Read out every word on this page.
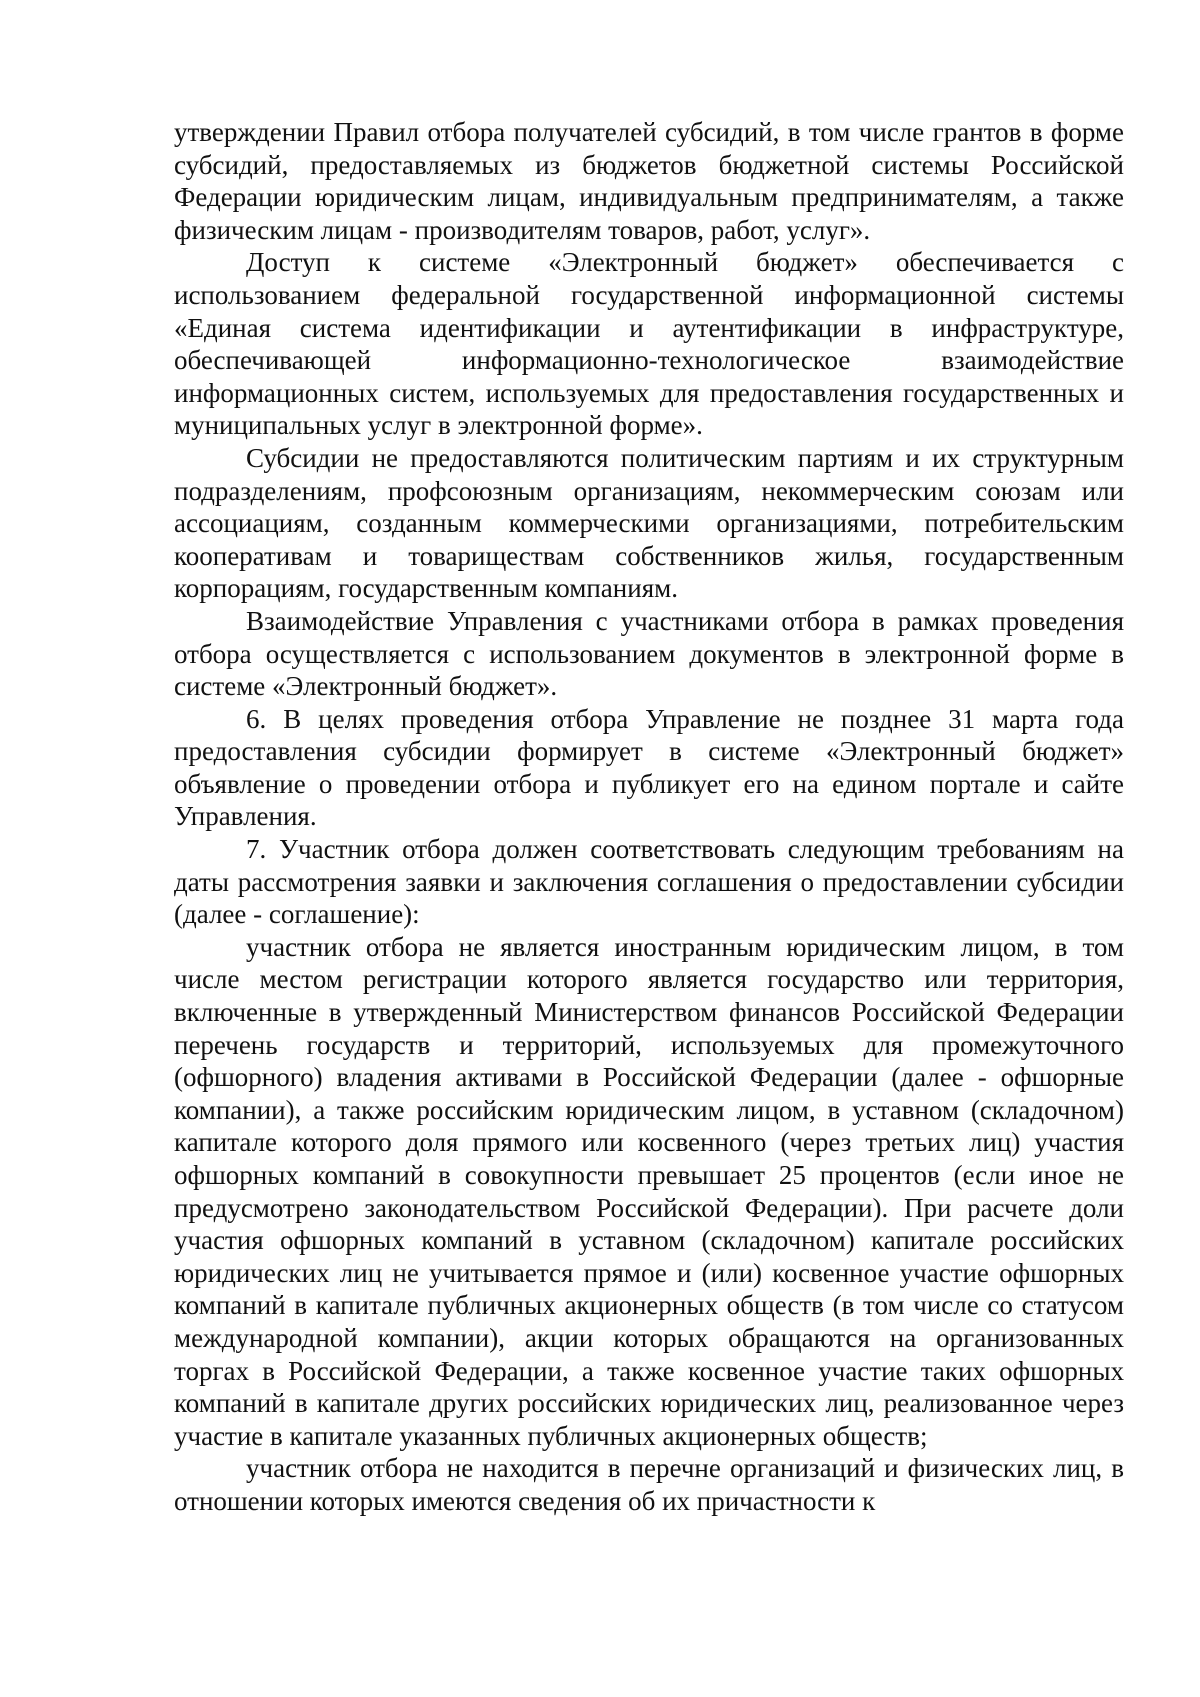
утверждении Правил отбора получателей субсидий, в том числе грантов в форме субсидий, предоставляемых из бюджетов бюджетной системы Российской Федерации юридическим лицам, индивидуальным предпринимателям, а также физическим лицам - производителям товаров, работ, услуг».

Доступ к системе «Электронный бюджет» обеспечивается с использованием федеральной государственной информационной системы «Единая система идентификации и аутентификации в инфраструктуре, обеспечивающей информационно-технологическое взаимодействие информационных систем, используемых для предоставления государственных и муниципальных услуг в электронной форме».

Субсидии не предоставляются политическим партиям и их структурным подразделениям, профсоюзным организациям, некоммерческим союзам или ассоциациям, созданным коммерческими организациями, потребительским кооперативам и товариществам собственников жилья, государственным корпорациям, государственным компаниям.

Взаимодействие Управления с участниками отбора в рамках проведения отбора осуществляется с использованием документов в электронной форме в системе «Электронный бюджет».

6. В целях проведения отбора Управление не позднее 31 марта года предоставления субсидии формирует в системе «Электронный бюджет» объявление о проведении отбора и публикует его на едином портале и сайте Управления.

7. Участник отбора должен соответствовать следующим требованиям на даты рассмотрения заявки и заключения соглашения о предоставлении субсидии (далее - соглашение):

участник отбора не является иностранным юридическим лицом, в том числе местом регистрации которого является государство или территория, включенные в утвержденный Министерством финансов Российской Федерации перечень государств и территорий, используемых для промежуточного (офшорного) владения активами в Российской Федерации (далее - офшорные компании), а также российским юридическим лицом, в уставном (складочном) капитале которого доля прямого или косвенного (через третьих лиц) участия офшорных компаний в совокупности превышает 25 процентов (если иное не предусмотрено законодательством Российской Федерации). При расчете доли участия офшорных компаний в уставном (складочном) капитале российских юридических лиц не учитывается прямое и (или) косвенное участие офшорных компаний в капитале публичных акционерных обществ (в том числе со статусом международной компании), акции которых обращаются на организованных торгах в Российской Федерации, а также косвенное участие таких офшорных компаний в капитале других российских юридических лиц, реализованное через участие в капитале указанных публичных акционерных обществ;

участник отбора не находится в перечне организаций и физических лиц, в отношении которых имеются сведения об их причастности к
